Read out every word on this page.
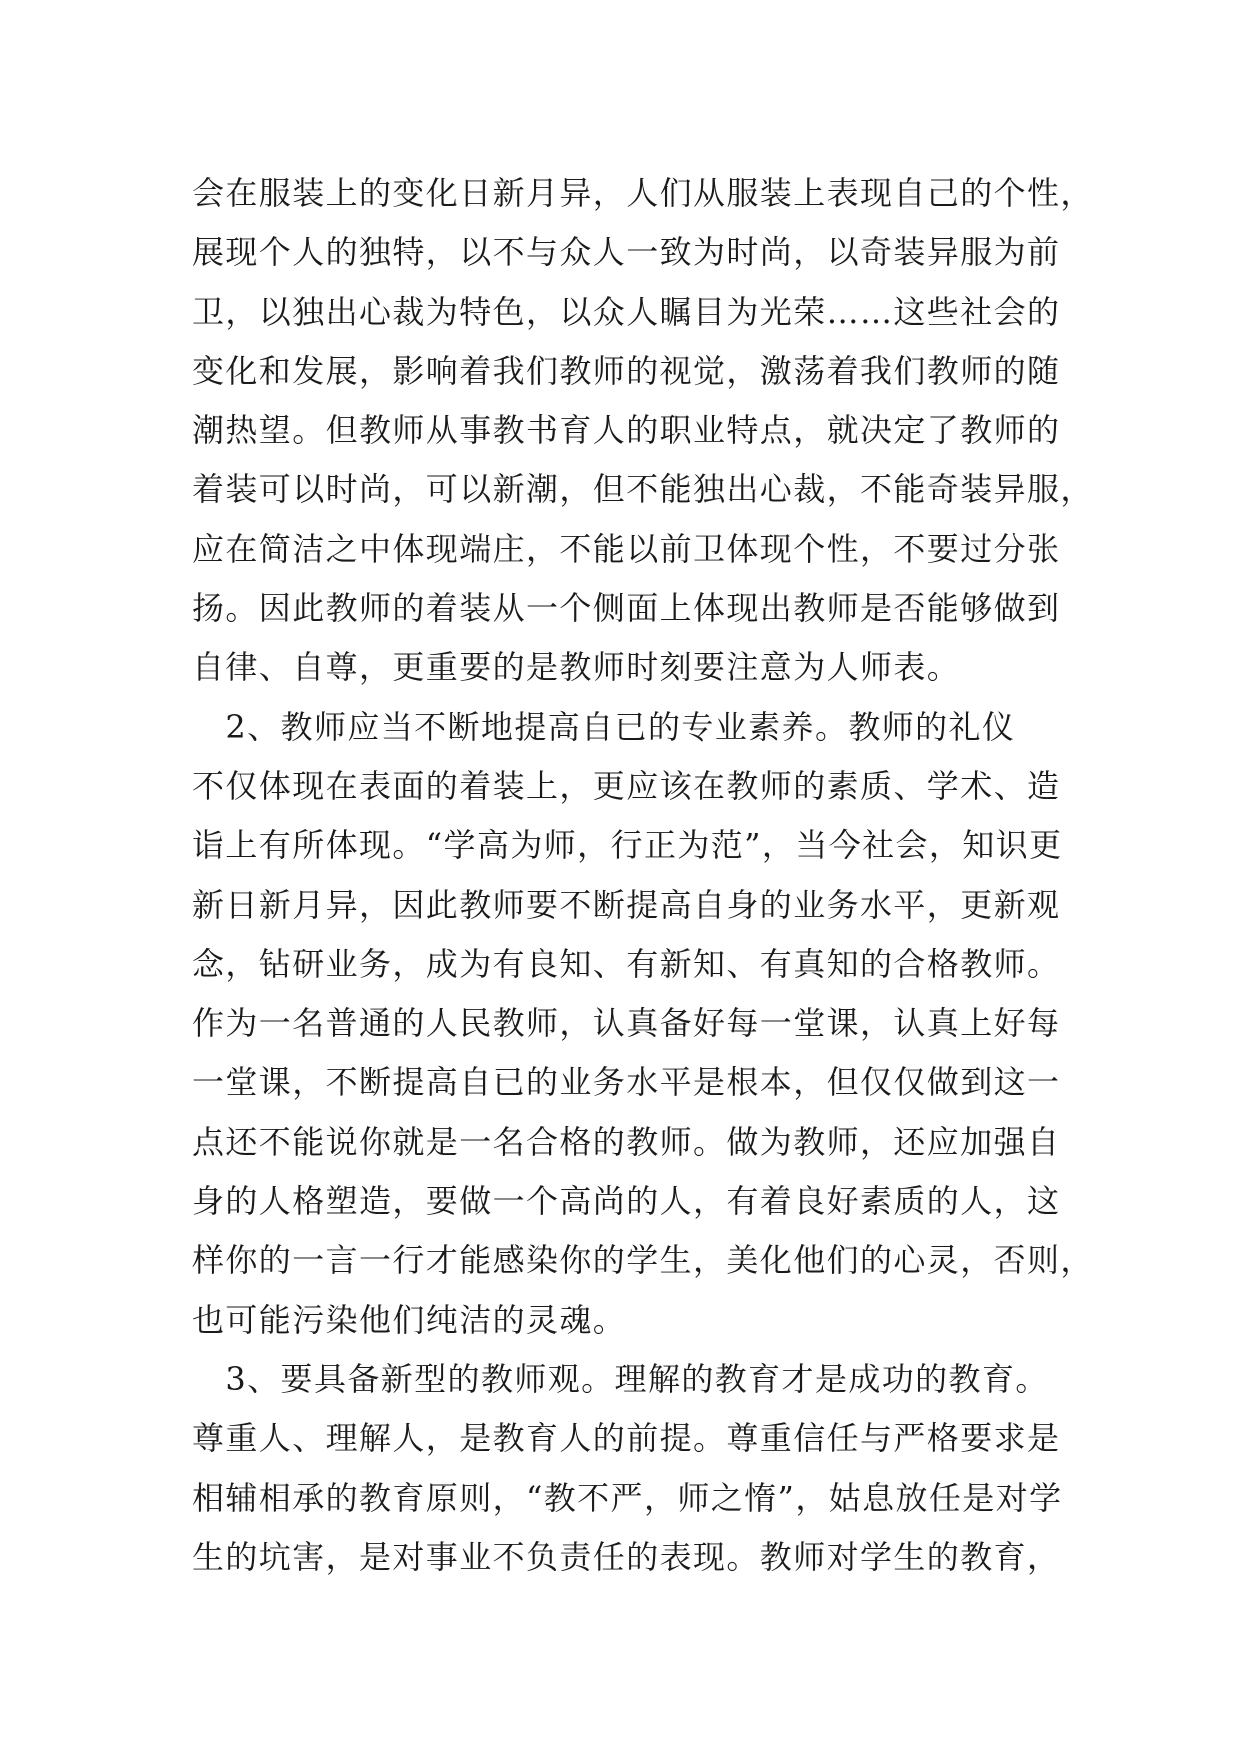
会在服装上的变化日新月异，人们从服装上表现自己的个性，
展现个人的独特，以不与众人一致为时尚，以奇装异服为前
卫，以独出心裁为特色，以众人瞩目为光荣……这些社会的
变化和发展，影响着我们教师的视觉，激荡着我们教师的随
潮热望。但教师从事教书育人的职业特点，就决定了教师的
着装可以时尚，可以新潮，但不能独出心裁，不能奇装异服，
应在简洁之中体现端庄，不能以前卫体现个性，不要过分张
扬。因此教师的着装从一个侧面上体现出教师是否能够做到
自律、自尊，更重要的是教师时刻要注意为人师表。
　2、教师应当不断地提高自已的专业素养。教师的礼仪
不仅体现在表面的着装上，更应该在教师的素质、学术、造
诣上有所体现。“学高为师，行正为范”，当今社会，知识更
新日新月异，因此教师要不断提高自身的业务水平，更新观
念，钻研业务，成为有良知、有新知、有真知的合格教师。
作为一名普通的人民教师，认真备好每一堂课，认真上好每
一堂课，不断提高自已的业务水平是根本，但仅仅做到这一
点还不能说你就是一名合格的教师。做为教师，还应加强自
身的人格塑造，要做一个高尚的人，有着良好素质的人，这
样你的一言一行才能感染你的学生，美化他们的心灵，否则，
也可能污染他们纯洁的灵魂。
　3、要具备新型的教师观。理解的教育才是成功的教育。
尊重人、理解人，是教育人的前提。尊重信任与严格要求是
相辅相承的教育原则，“教不严，师之惰”，姑息放任是对学
生的坑害，是对事业不负责任的表现。教师对学生的教育，
